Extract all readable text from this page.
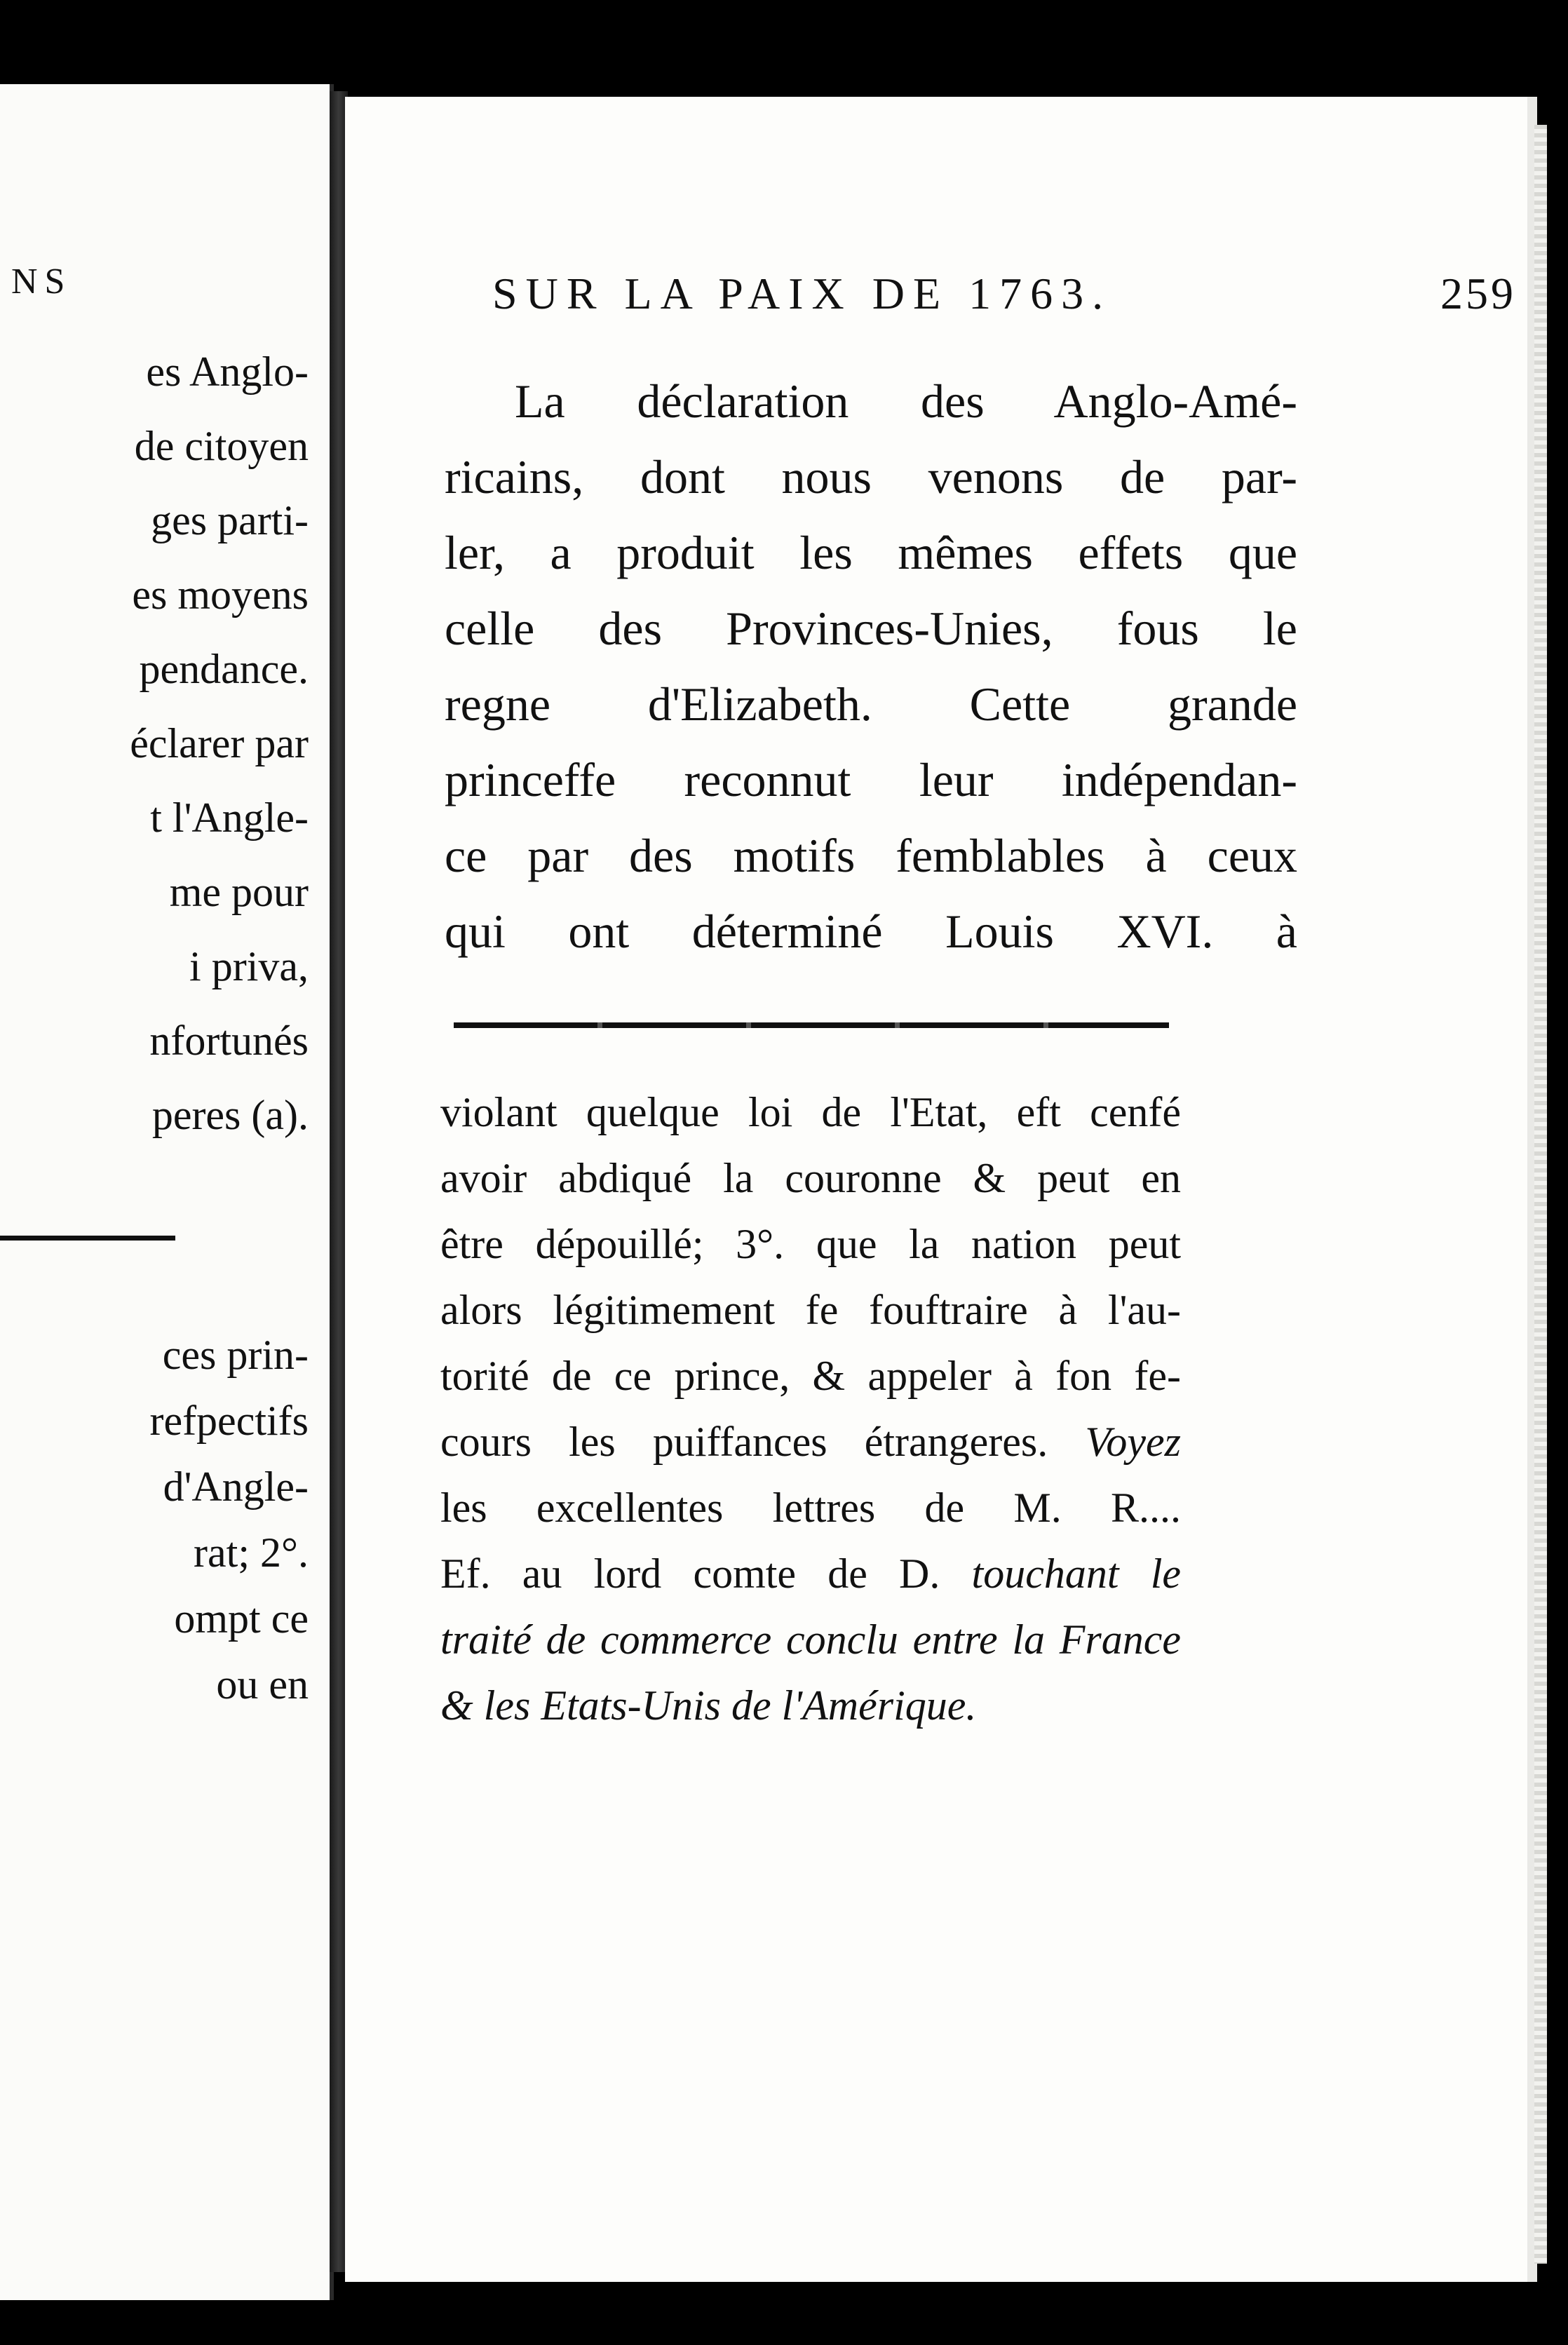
NS
es Anglo-
de citoyen
ges parti-
es moyens
pendance.
éclarer par
t l'Angle-
me pour
i priva,
nfortunés
peres (a).
ces prin-
refpectifs
d'Angle-
rat; 2°.
ompt ce
ou en
SUR LA PAIX DE 1763.	259
La déclaration des Anglo-Amé-
ricains, dont nous venons de par-
ler, a produit les mêmes effets que
celle des Provinces-Unies, fous le
regne d'Elizabeth. Cette grande
princeffe reconnut leur indépendan-
ce par des motifs femblables à ceux
qui ont déterminé Louis XVI. à
violant quelque loi de l'Etat, eft cenfé
avoir abdiqué la couronne & peut en
être dépouillé; 3°. que la nation peut
alors légitimement fe fouftraire à l'au-
torité de ce prince, & appeler à fon fe-
cours les puiffances étrangeres. Voyez
les excellentes lettres de M. R....
Ef. au lord comte de D. touchant le
traité de commerce conclu entre la France
& les Etats-Unis de l'Amérique.
